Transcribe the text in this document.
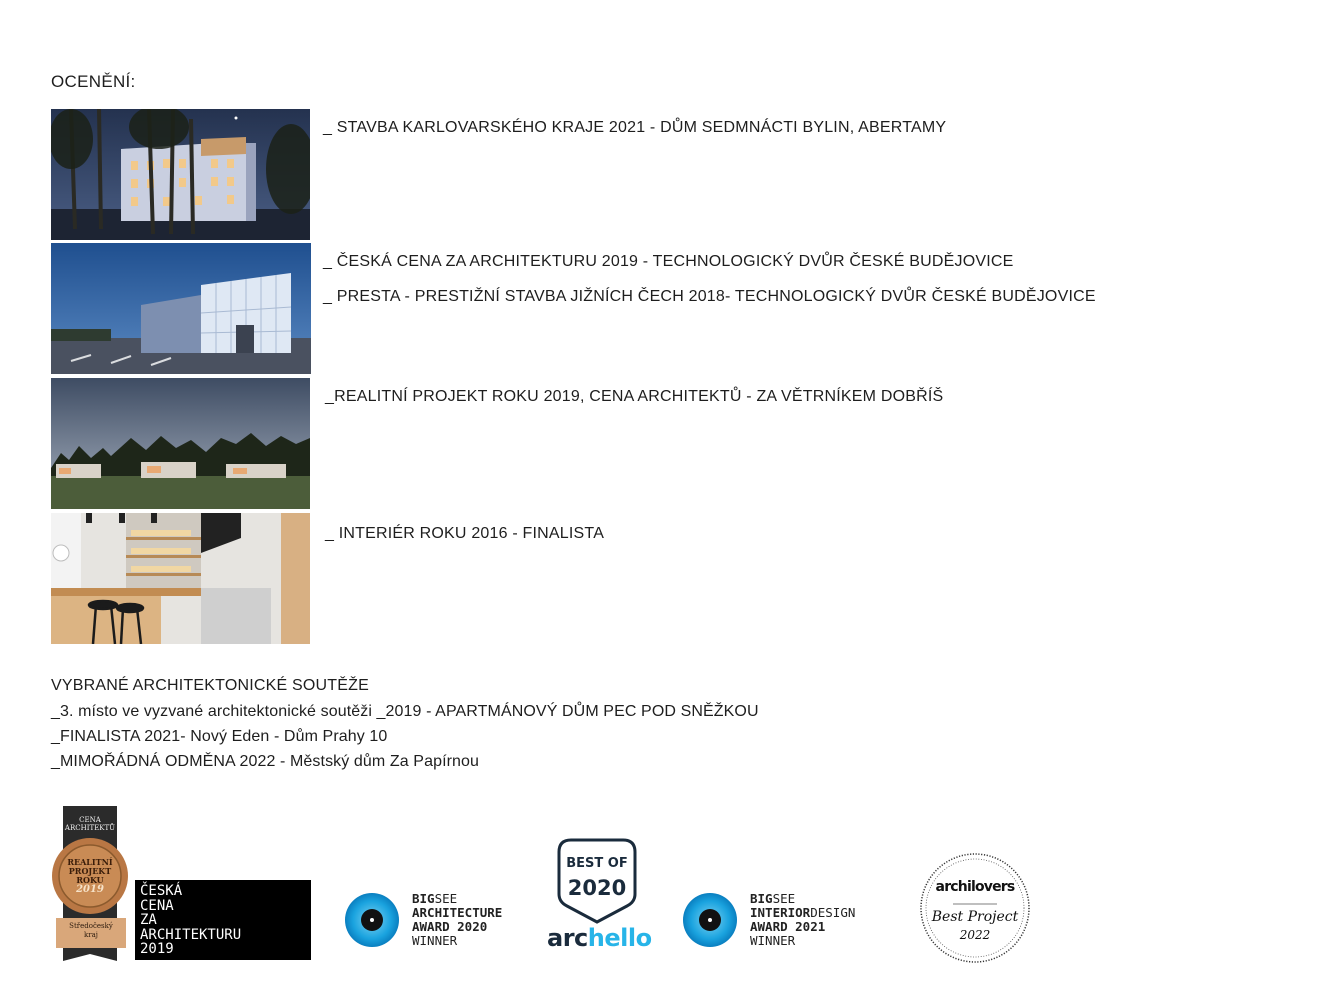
OCENĚNÍ:
_ STAVBA KARLOVARSKÉHO KRAJE 2021 - DŮM SEDMNÁCTI BYLIN, ABERTAMY
_ ČESKÁ CENA ZA ARCHITEKTURU 2019 - TECHNOLOGICKÝ DVŮR ČESKÉ BUDĚJOVICE
_ PRESTA - PRESTIŽNÍ STAVBA JIŽNÍCH ČECH 2018- TECHNOLOGICKÝ DVŮR ČESKÉ BUDĚJOVICE
_REALITNÍ PROJEKT ROKU 2019, CENA ARCHITEKTŮ - ZA VĚTRNÍKEM DOBŘÍŠ
_ INTERIÉR ROKU 2016 - FINALISTA
VYBRANÉ ARCHITEKTONICKÉ SOUTĚŽE
_3. místo ve vyzvané architektonické soutěži _2019 - APARTMÁNOVÝ DŮM PEC POD SNĚŽKOU
_FINALISTA 2021- Nový Eden - Dům Prahy 10
_MIMOŘÁDNÁ ODMĚNA 2022 - Městský dům Za Papírnou
CENA
ARCHITEKTŮ
REALITNÍ
PROJEKT
ROKU
2019
Středočeský
kraj
ČESKÁ
CENA
ZA
ARCHITEKTURU
2019
BIGSEE
ARCHITECTURE
AWARD 2020
WINNER
BEST OF
2020
archello
BIGSEE
INTERIORDESIGN
AWARD 2021
WINNER
archilovers
Best Project
2022
